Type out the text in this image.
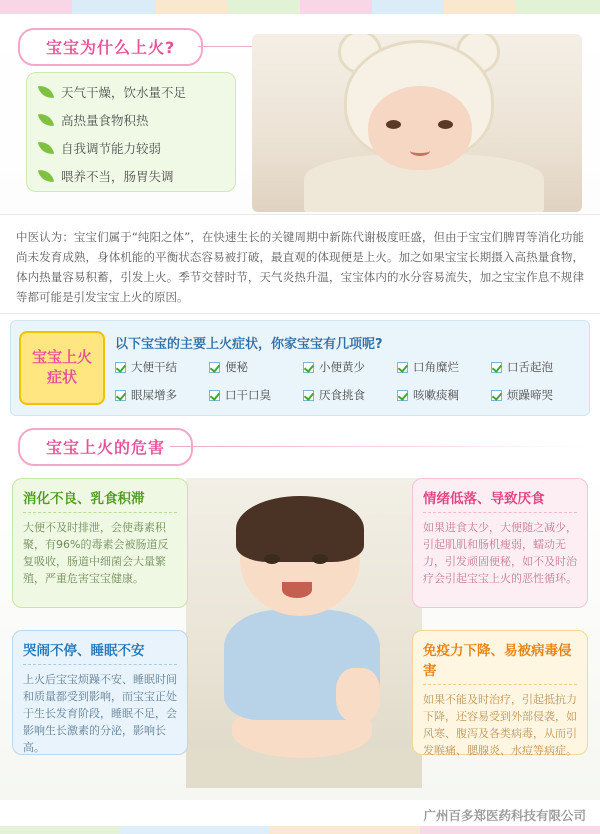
宝宝为什么上火?
天气干燥，饮水量不足
高热量食物积热
自我调节能力较弱
喂养不当，肠胃失调

中医认为：宝宝们属于“纯阳之体”，在快速生长的关键周期中新陈代谢极度旺盛，但由于宝宝们脾胃等消化功能尚未发育成熟，身体机能的平衡状态容易被打破，最直观的体现便是上火。加之如果宝宝长期摄入高热量食物，体内热量容易积蓄，引发上火。季节交替时节，天气炎热升温，宝宝体内的水分容易流失，加之宝宝作息不规律等都可能是引发宝宝上火的原因。

宝宝上火
症状
以下宝宝的主要上火症状，你家宝宝有几项呢?
大便干结	便秘	小便黄少	口角糜烂	口舌起泡
眼屎增多	口干口臭	厌食挑食	咳嗽痰稠	烦躁啼哭
宝宝上火的危害
消化不良、乳食积滞

大便不及时排泄，会使毒素积聚，有96%的毒素会被肠道反复吸收，肠道中细菌会大量繁殖，严重危害宝宝健康。

哭闹不停、睡眠不安

上火后宝宝烦躁不安、睡眠时间和质量都受到影响，而宝宝正处于生长发育阶段，睡眠不足，会影响生长激素的分泌，影响长高。

情绪低落、导致厌食

如果进食太少，大便随之减少，引起肌肌和肠机瘦弱，蠕动无力，引发顽固便秘，如不及时治疗会引起宝宝上火的恶性循环。

免疫力下降、易被病毒侵害

如果不能及时治疗，引起抵抗力下降，还容易受到外部侵袭，如风寒、腹泻及各类病毒，从而引发喉痛、腮腺炎、水痘等病症。

广州百多郑医药科技有限公司
